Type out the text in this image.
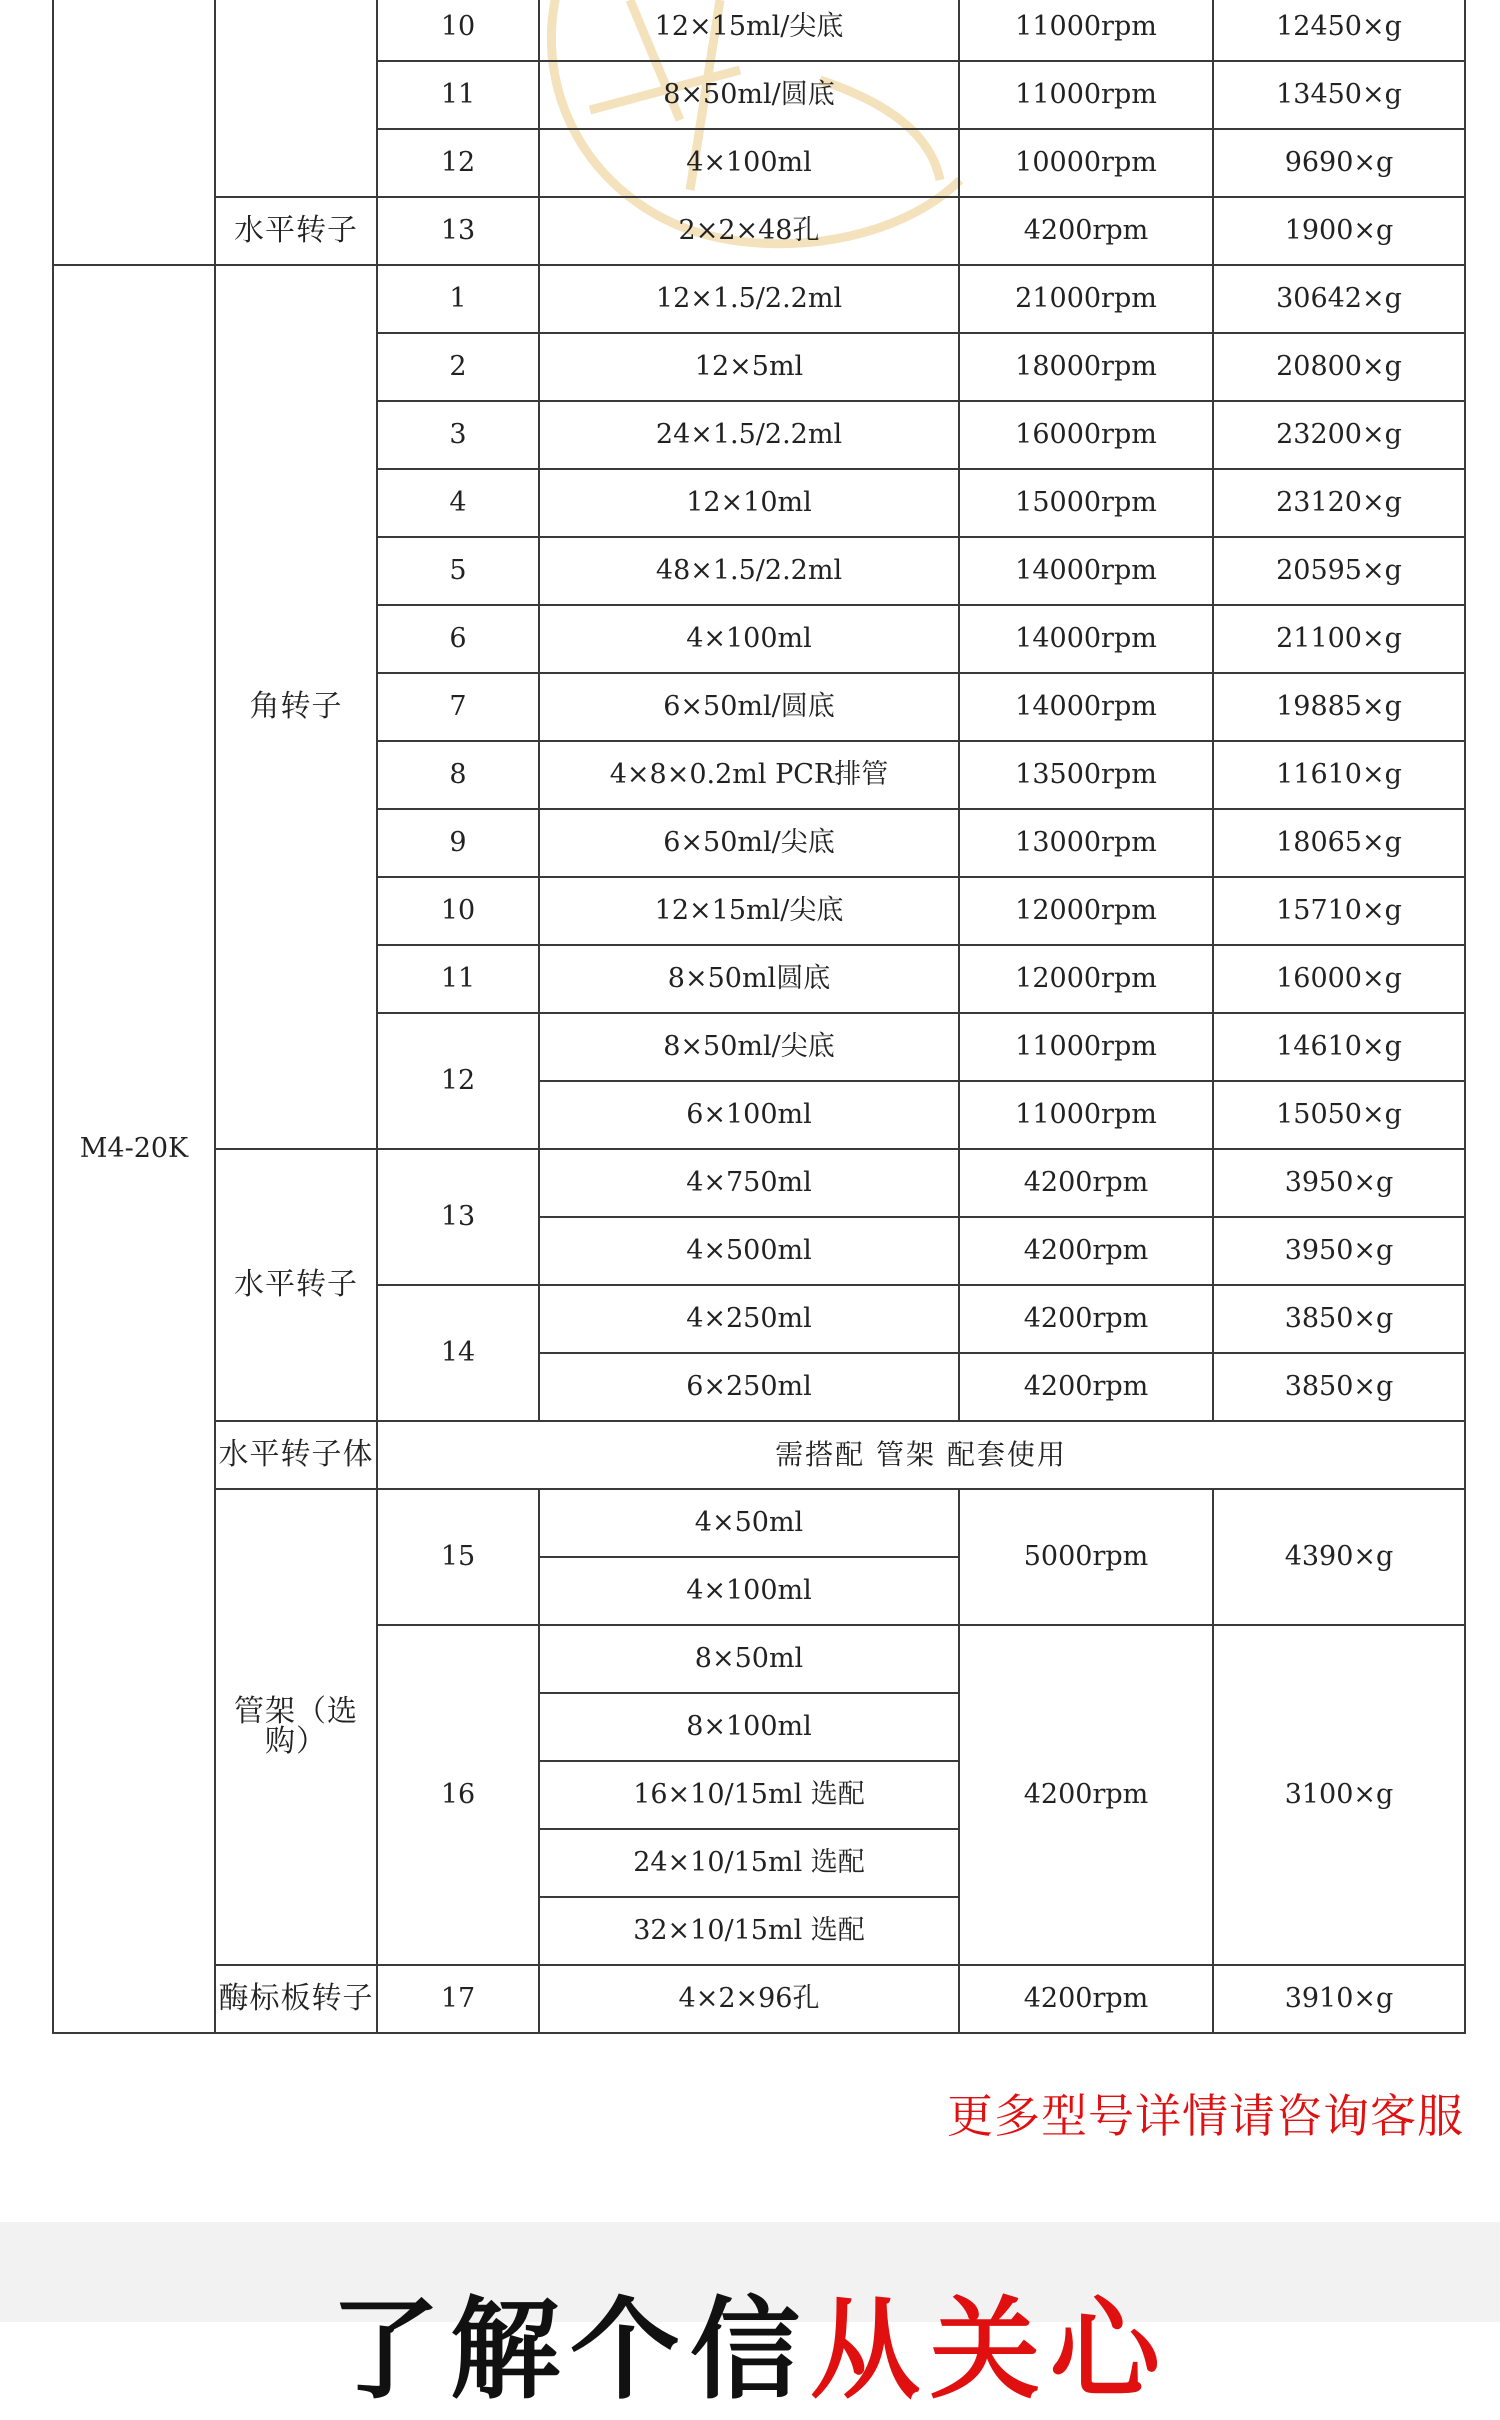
		10	12×15ml/尖底	11000rpm	12450×g
		11	8×50ml/圆底	11000rpm	13450×g
		12	4×100ml	10000rpm	9690×g
	水平转子	13	2×2×48孔	4200rpm	1900×g
M4-20K	角转子	1	12×1.5/2.2ml	21000rpm	30642×g
		2	12×5ml	18000rpm	20800×g
		3	24×1.5/2.2ml	16000rpm	23200×g
		4	12×10ml	15000rpm	23120×g
		5	48×1.5/2.2ml	14000rpm	20595×g
		6	4×100ml	14000rpm	21100×g
		7	6×50ml/圆底	14000rpm	19885×g
		8	4×8×0.2ml PCR排管	13500rpm	11610×g
		9	6×50ml/尖底	13000rpm	18065×g
		10	12×15ml/尖底	12000rpm	15710×g
		11	8×50ml圆底	12000rpm	16000×g
		12	8×50ml/尖底	11000rpm	14610×g
			6×100ml	11000rpm	15050×g
	水平转子	13	4×750ml	4200rpm	3950×g
			4×500ml	4200rpm	3950×g
		14	4×250ml	4200rpm	3850×g
			6×250ml	4200rpm	3850×g
	水平转子体	需搭配 管架 配套使用			
	管架（选购）	15	4×50ml	5000rpm	4390×g
			4×100ml		
		16	8×50ml	4200rpm	3100×g
			8×100ml		
			16×10/15ml 选配		
			24×10/15ml 选配		
			32×10/15ml 选配		
	酶标板转子	17	4×2×96孔	4200rpm	3910×g
更多型号详情请咨询客服
了解个信从关心
